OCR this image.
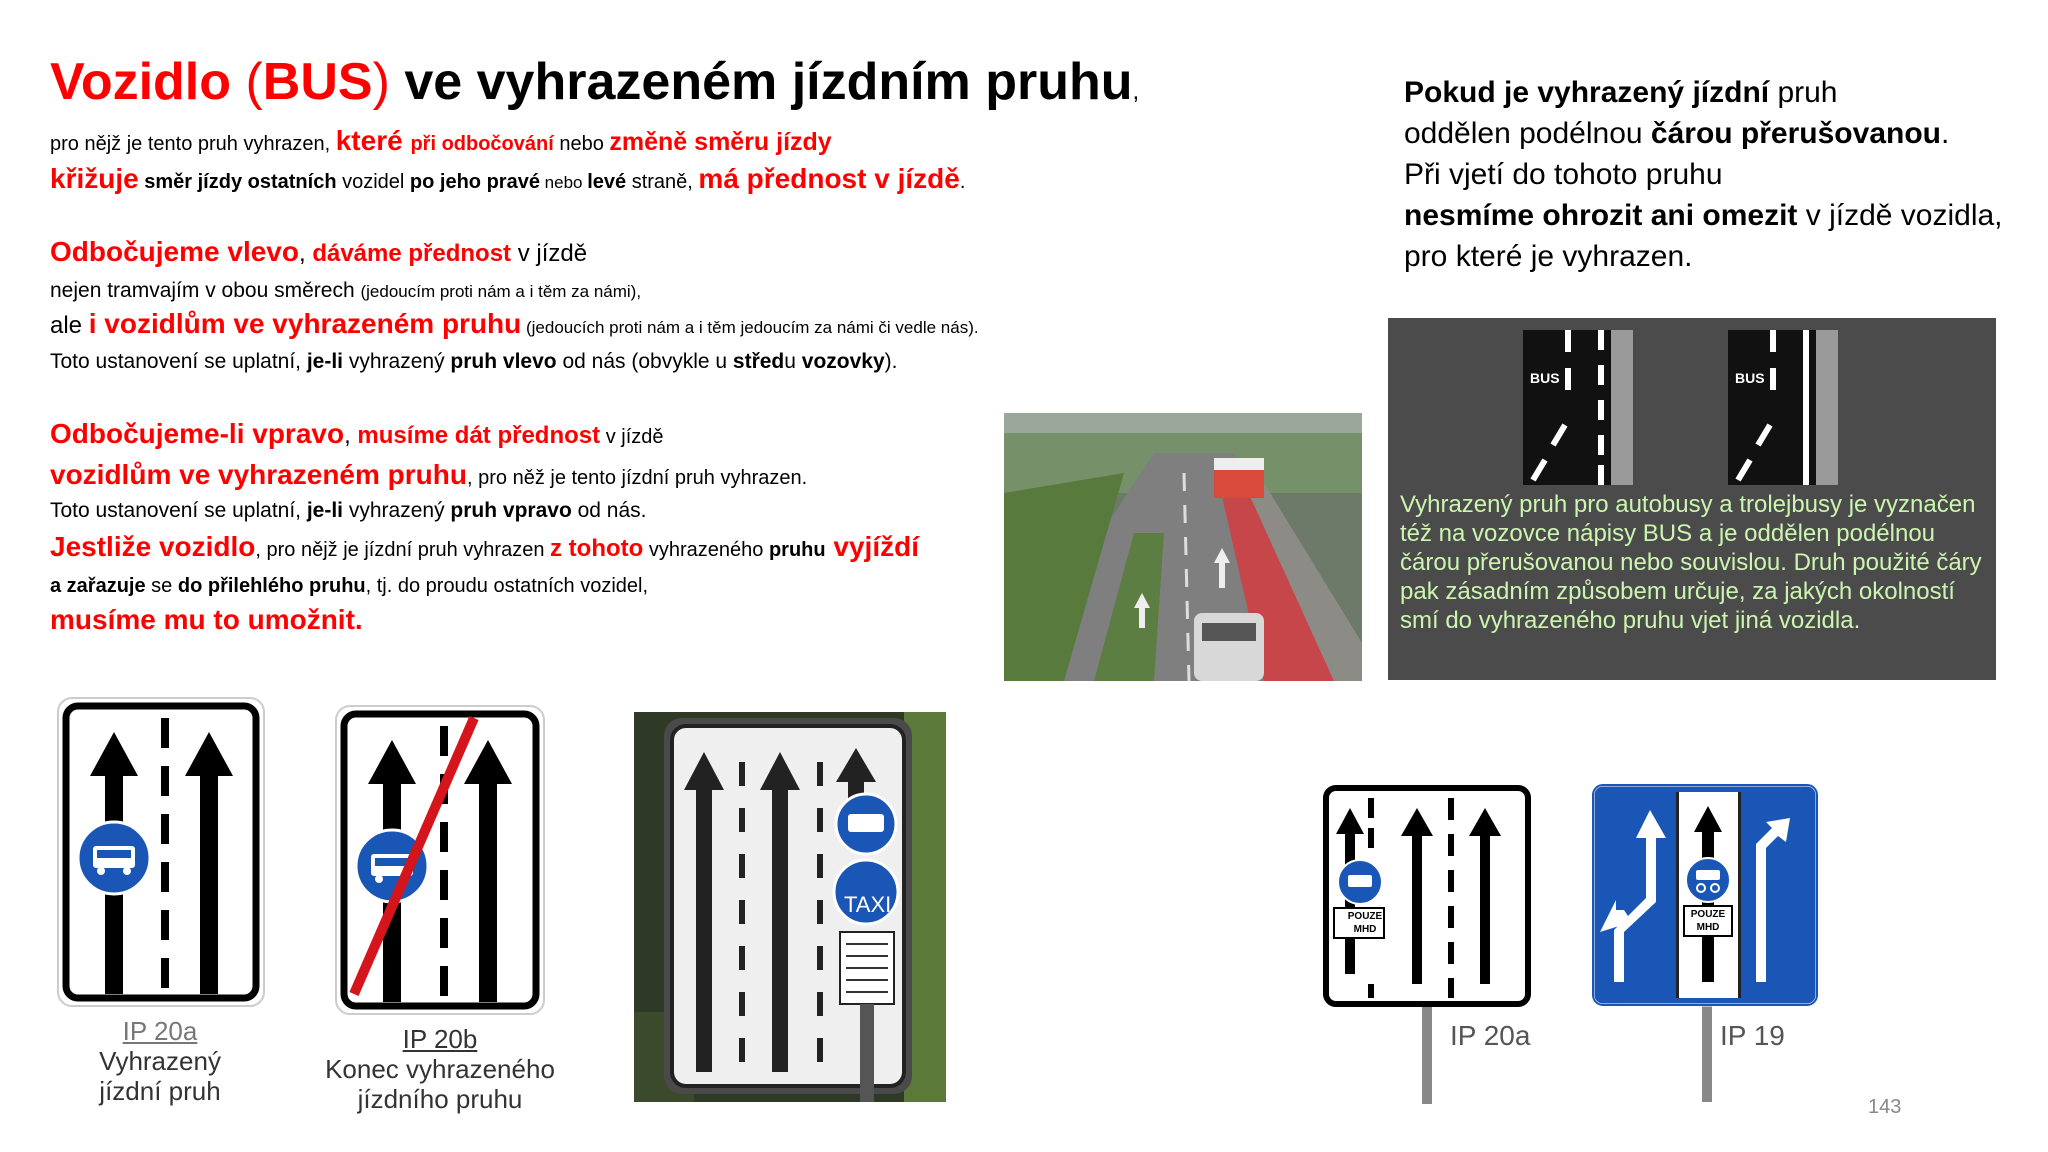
Vozidlo (BUS) ve vyhrazeném jízdním pruhu,
pro nějž je tento pruh vyhrazen, které při odbočování nebo změně směru jízdy
křižuje směr jízdy ostatních vozidel po jeho pravé nebo levé straně, má přednost v jízdě.
Odbočujeme vlevo, dáváme přednost v jízdě
nejen tramvajím v obou směrech (jedoucím proti nám a i těm za námi),
ale i vozidlům ve vyhrazeném pruhu (jedoucích proti nám a i těm jedoucím za námi či vedle nás).
Toto ustanovení se uplatní, je-li vyhrazený pruh vlevo od nás (obvykle u středu vozovky).
Odbočujeme-li vpravo, musíme dát přednost v jízdě
vozidlům ve vyhrazeném pruhu, pro něž je tento jízdní pruh vyhrazen.
Toto ustanovení se uplatní, je-li vyhrazený pruh vpravo od nás.
Jestliže vozidlo, pro nějž je jízdní pruh vyhrazen z tohoto vyhrazeného pruhu vyjíždí
a zařazuje se do přilehlého pruhu, tj. do proudu ostatních vozidel,
musíme mu to umožnit.
Pokud je vyhrazený jízdní pruh
oddělen podélnou čárou přerušovanou.
Při vjetí do tohoto pruhu
nesmíme ohrozit ani omezit v jízdě vozidla,
pro které je vyhrazen.
BUS	BUS
Vyhrazený pruh pro autobusy a trolejbusy je vyznačen též na vozovce nápisy BUS a je oddělen podélnou čárou přerušovanou nebo souvislou. Druh použité čáry pak zásadním způsobem určuje, za jakých okolností smí do vyhrazeného pruhu vjet jiná vozidla.
IP 20a
Vyhrazený
jízdní pruh
IP 20b
Konec vyhrazeného
jízdního pruhu
TAXI	POUZE
MHD
IP 20a
POUZE
MHD
IP 19
143
